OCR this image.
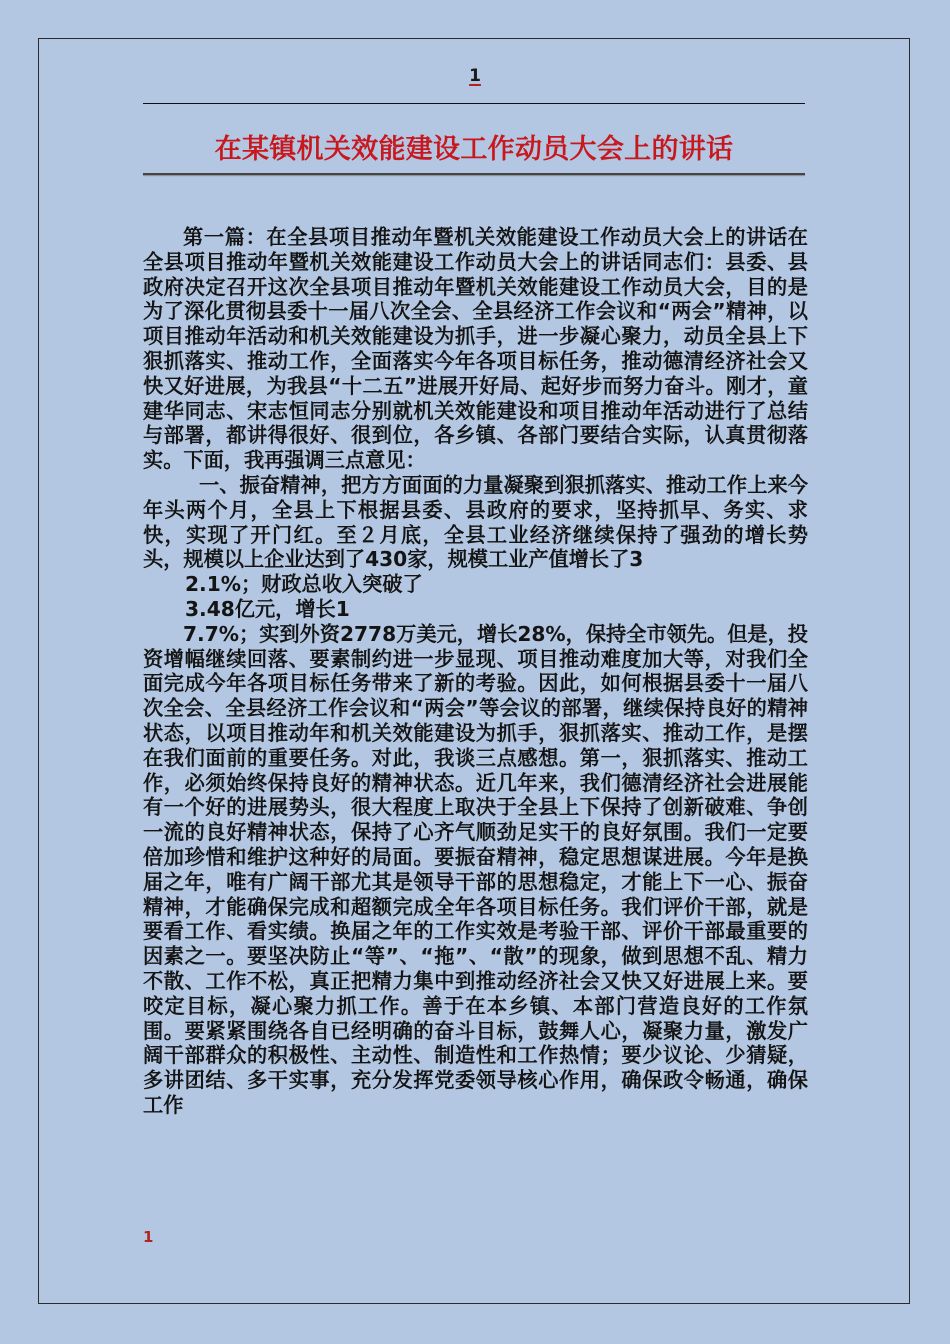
1
在某镇机关效能建设工作动员大会上的讲话

第一篇：在全县项目推动年暨机关效能建设工作动员大会上的讲话在全县项目推动年暨机关效能建设工作动员大会上的讲话同志们：县委、县政府决定召开这次全县项目推动年暨机关效能建设工作动员大会，目的是为了深化贯彻县委十一届八次全会、全县经济工作会议和“两会”精神，以项目推动年活动和机关效能建设为抓手，进一步凝心聚力，动员全县上下狠抓落实、推动工作，全面落实今年各项目标任务，推动德清经济社会又快又好进展，为我县“十二五”进展开好局、起好步而努力奋斗。刚才，童建华同志、宋志恒同志分别就机关效能建设和项目推动年活动进行了总结与部署，都讲得很好、很到位，各乡镇、各部门要结合实际，认真贯彻落实。下面，我再强调三点意见：

一、振奋精神，把方方面面的力量凝聚到狠抓落实、推动工作上来今年头两个月，全县上下根据县委、县政府的要求，坚持抓早、务实、求快，实现了开门红。至２月底，全县工业经济继续保持了强劲的增长势头，规模以上企业达到了430家，规模工业产值增长了3

2.1%；财政总收入突破了

3.48亿元，增长1

7.7%；实到外资2778万美元，增长28%，保持全市领先。但是，投资增幅继续回落、要素制约进一步显现、项目推动难度加大等，对我们全面完成今年各项目标任务带来了新的考验。因此，如何根据县委十一届八次全会、全县经济工作会议和“两会”等会议的部署，继续保持良好的精神状态，以项目推动年和机关效能建设为抓手，狠抓落实、推动工作，是摆在我们面前的重要任务。对此，我谈三点感想。第一，狠抓落实、推动工作，必须始终保持良好的精神状态。近几年来，我们德清经济社会进展能有一个好的进展势头，很大程度上取决于全县上下保持了创新破难、争创一流的良好精神状态，保持了心齐气顺劲足实干的良好氛围。我们一定要倍加珍惜和维护这种好的局面。要振奋精神，稳定思想谋进展。今年是换届之年，唯有广阔干部尤其是领导干部的思想稳定，才能上下一心、振奋精神，才能确保完成和超额完成全年各项目标任务。我们评价干部，就是要看工作、看实绩。换届之年的工作实效是考验干部、评价干部最重要的因素之一。要坚决防止“等”、“拖”、“散”的现象，做到思想不乱、精力不散、工作不松，真正把精力集中到推动经济社会又快又好进展上来。要咬定目标，凝心聚力抓工作。善于在本乡镇、本部门营造良好的工作氛围。要紧紧围绕各自已经明确的奋斗目标，鼓舞人心，凝聚力量，激发广阔干部群众的积极性、主动性、制造性和工作热情；要少议论、少猜疑，多讲团结、多干实事，充分发挥党委领导核心作用，确保政令畅通，确保工作

1
